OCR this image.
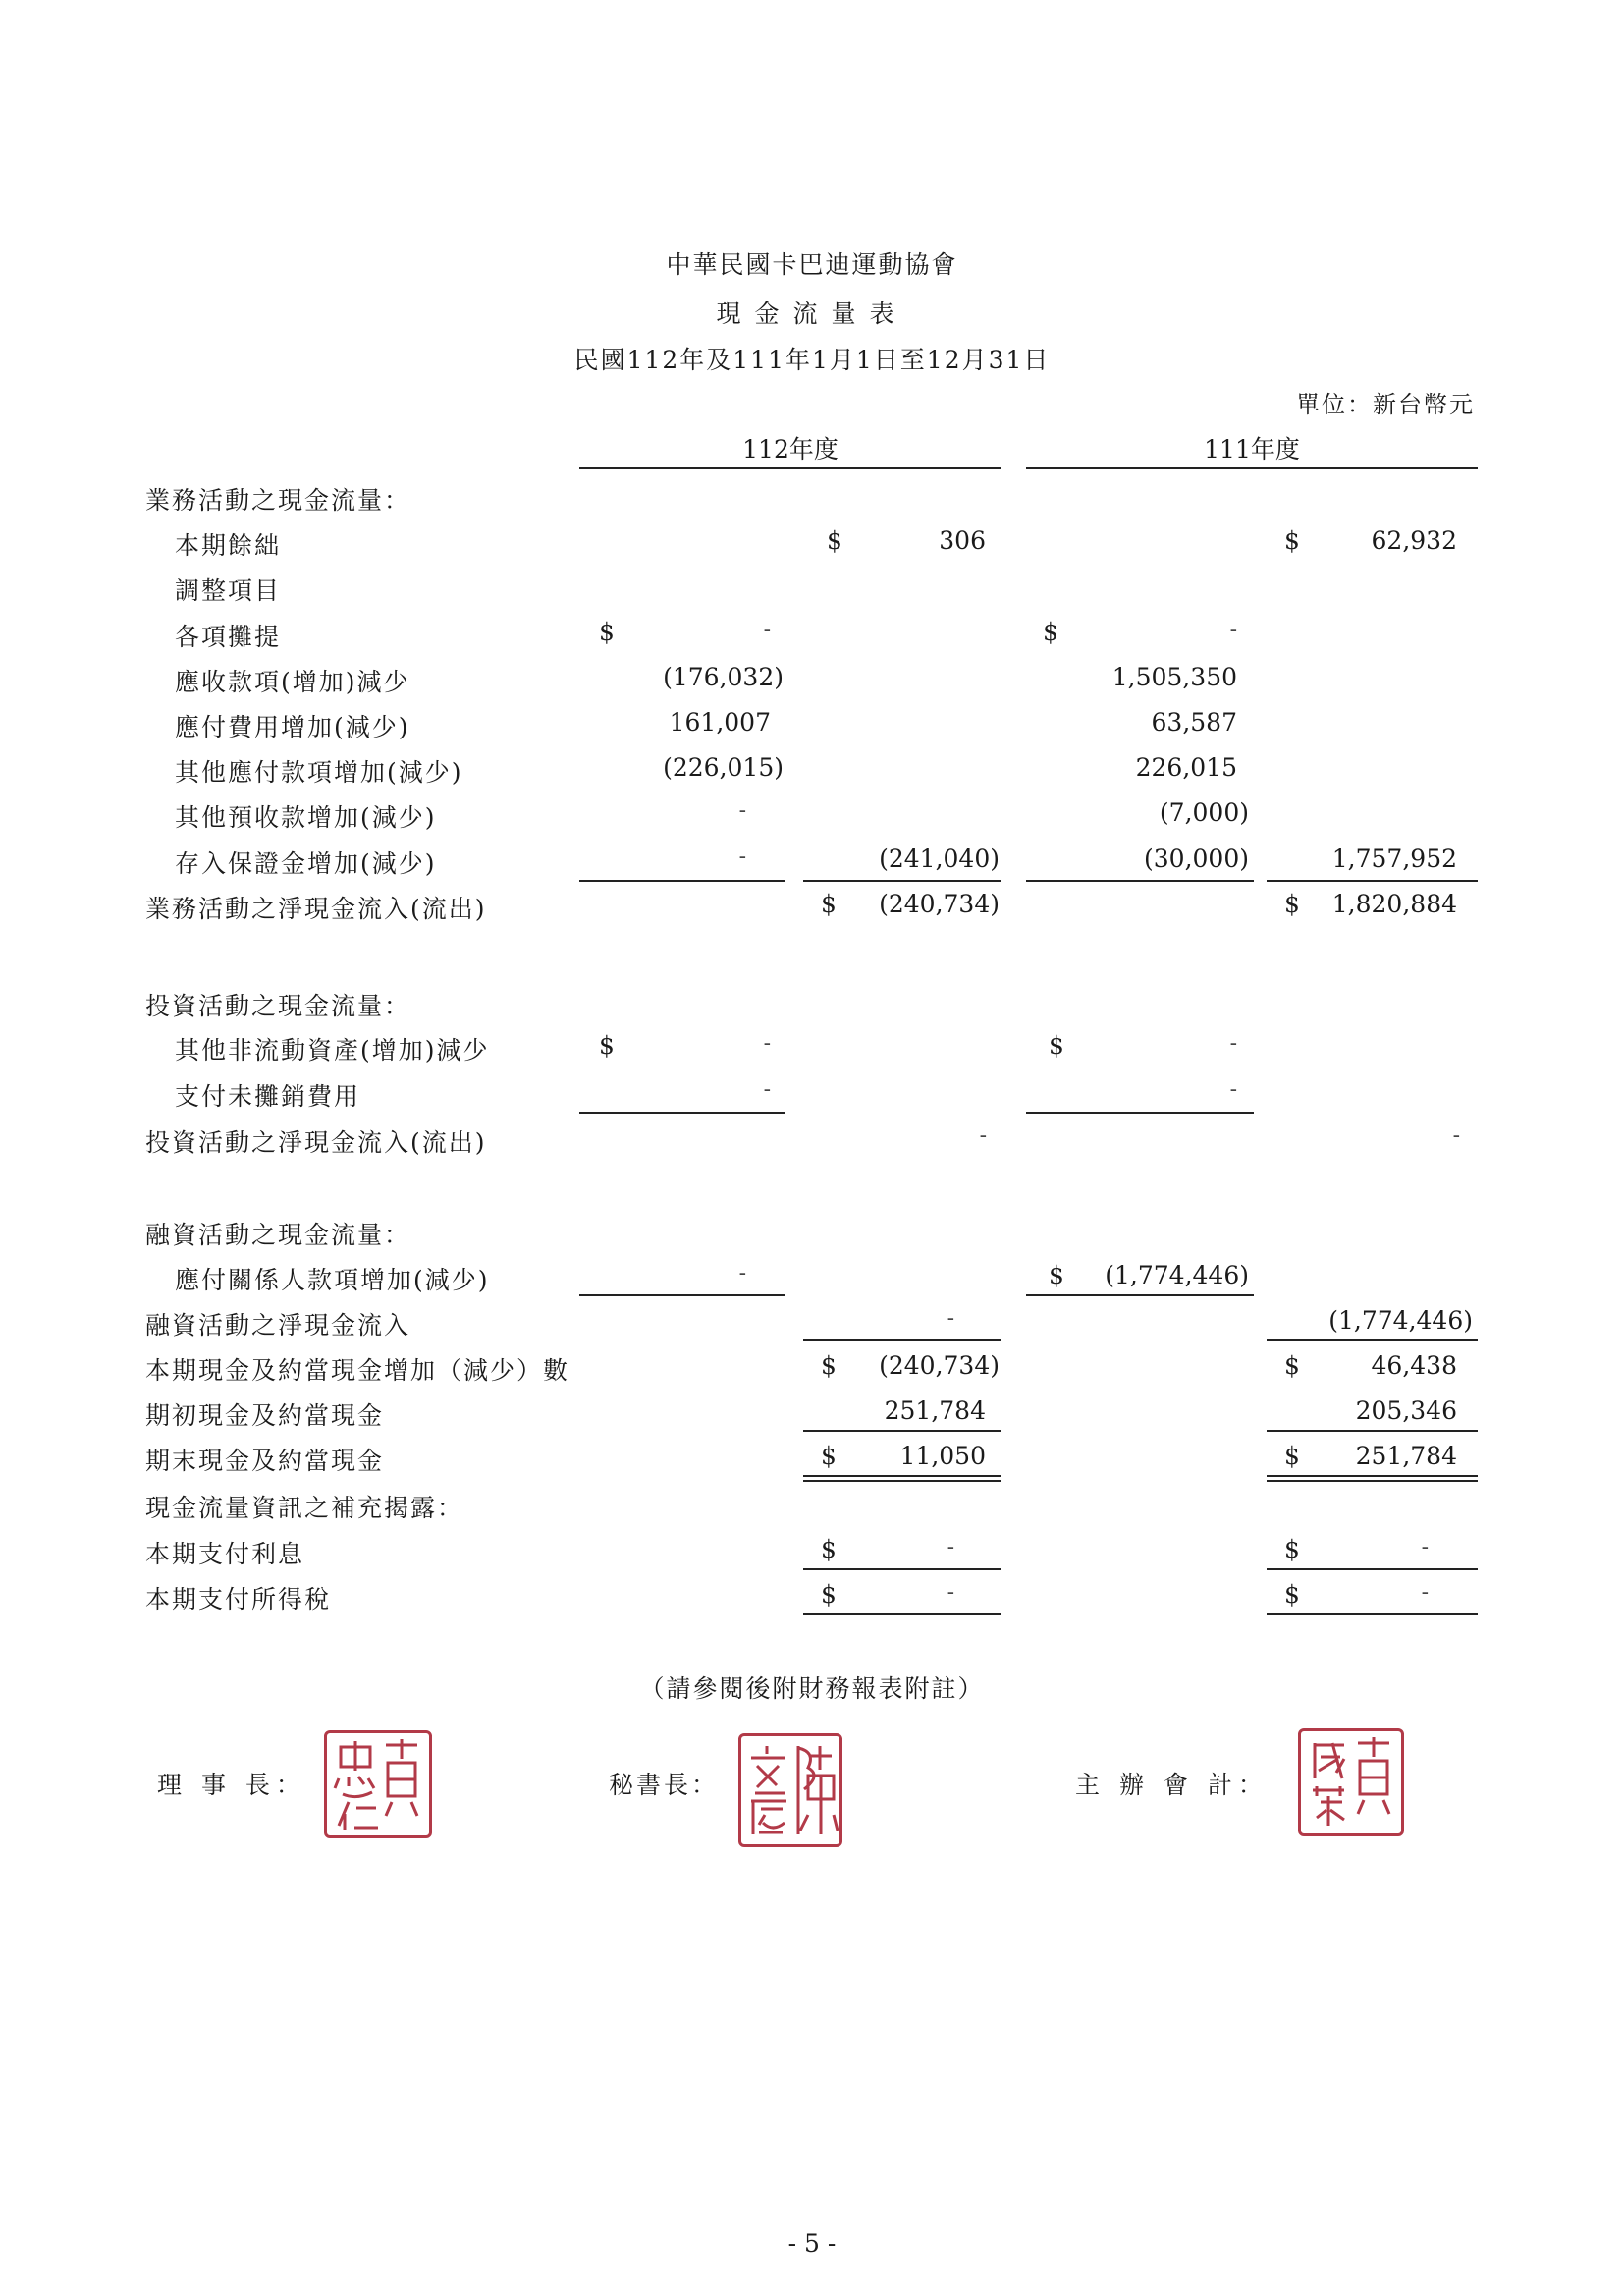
中華民國卡巴迪運動協會
現金流量表
民國112年及111年1月1日至12月31日
單位：新台幣元
112年度	111年度
業務活動之現金流量：
本期餘絀	$	306	$	62,932
調整項目
各項攤提	$	-	$	-
應收款項(增加)減少	(176,032)	1,505,350
應付費用增加(減少)	161,007	63,587
其他應付款項增加(減少)	(226,015)	226,015
其他預收款增加(減少)	-	(7,000)
存入保證金增加(減少)	-	(241,040)	(30,000)	1,757,952
業務活動之淨現金流入(流出)	$	(240,734)	$	1,820,884
投資活動之現金流量：
其他非流動資產(增加)減少	$	-	$	-
支付未攤銷費用	-	-
投資活動之淨現金流入(流出)	-	-
融資活動之現金流量：
應付關係人款項增加(減少)	-	$	(1,774,446)
融資活動之淨現金流入	-	(1,774,446)
本期現金及約當現金增加（減少）數	$	(240,734)	$	46,438
期初現金及約當現金	251,784	205,346
期末現金及約當現金	$	11,050	$	251,784
現金流量資訊之補充揭露：
本期支付利息	$	-	$	-
本期支付所得稅	$	-	$	-
（請參閱後附財務報表附註）
理 事 長：	秘書長：	主 辦 會 計：
- 5 -
